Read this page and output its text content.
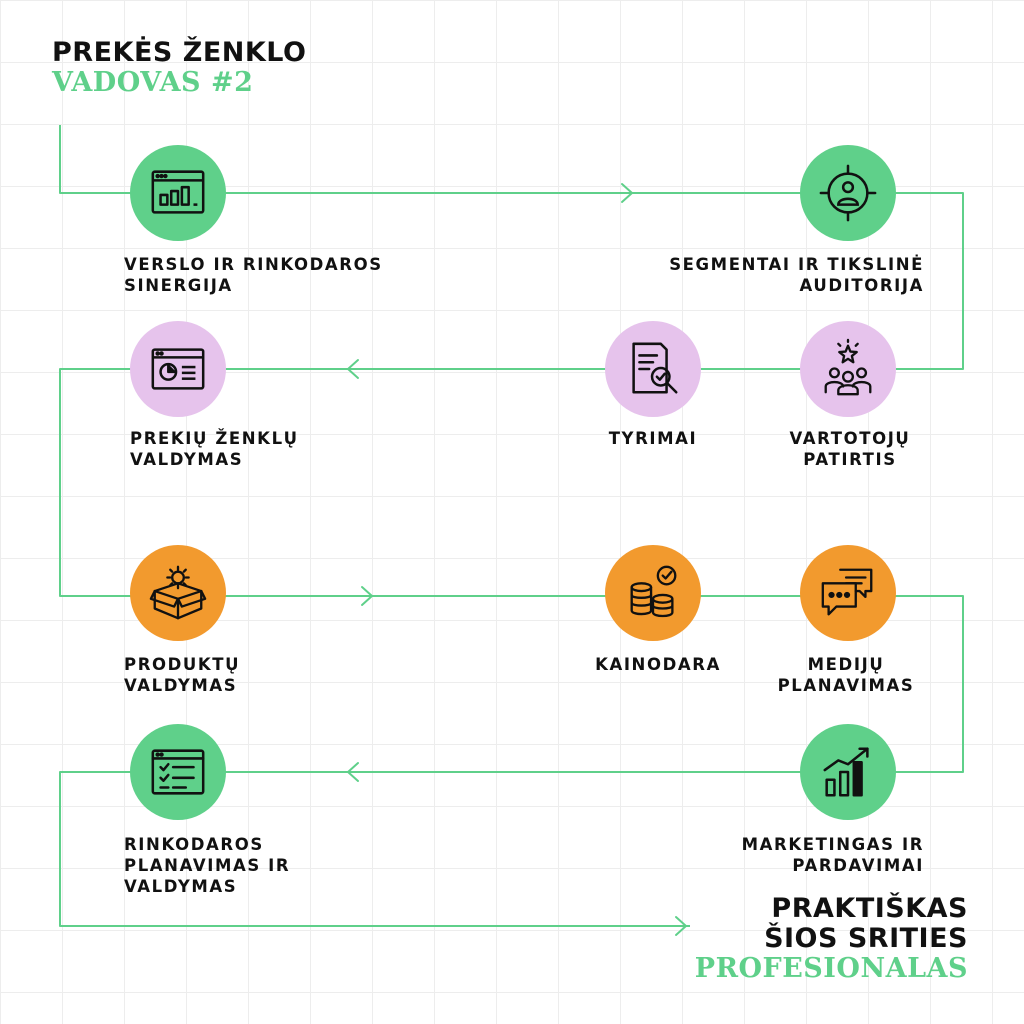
PREKĖS ŽENKLO
VADOVAS #2

VERSLO IR RINKODAROS
SINERGIJA

SEGMENTAI IR TIKSLINĖ
AUDITORIJA

PREKIŲ ŽENKLŲ
VALDYMAS

TYRIMAI	VARTOTOJŲ
PATIRTIS

PRODUKTŲ
VALDYMAS

KAINODARA	MEDIJŲ
PLANAVIMAS

RINKODAROS
PLANAVIMAS IR
VALDYMAS

MARKETINGAS IR
PARDAVIMAI

PRAKTIŠKAS
ŠIOS SRITIES
PROFESIONALAS
